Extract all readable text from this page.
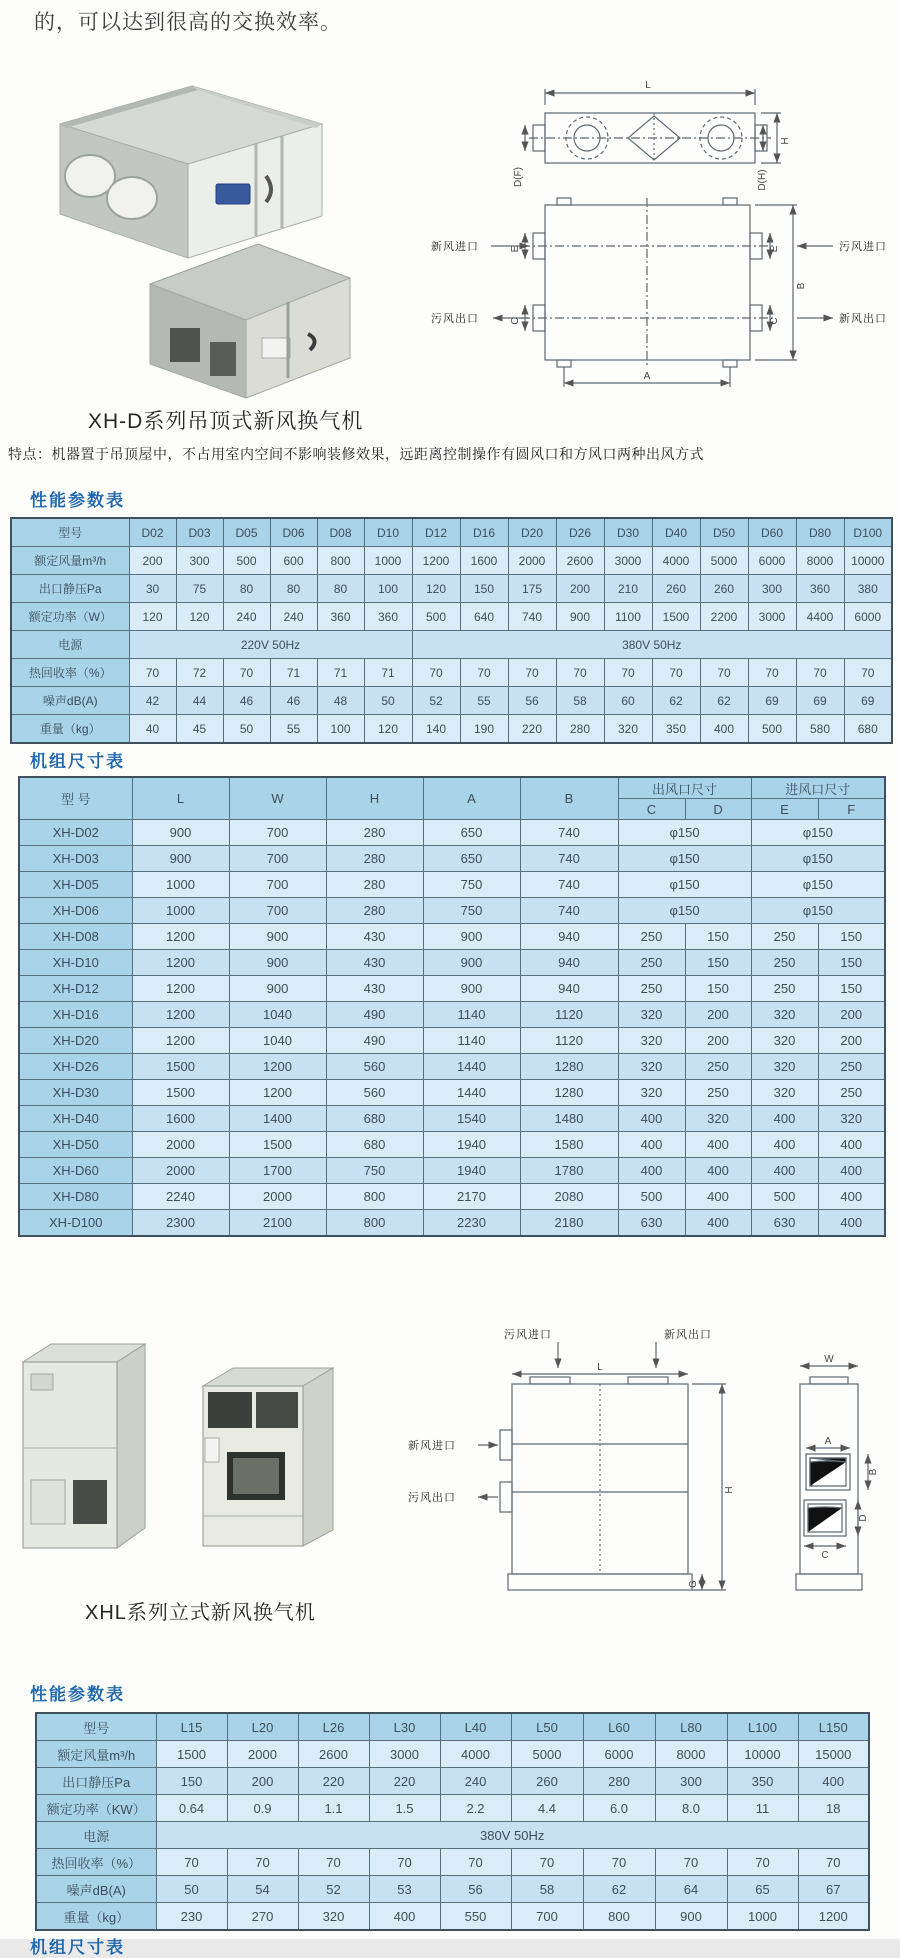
的，可以达到很高的交换效率。
L
H
D(F)	D(H)
E	E
C	C
B
A
新风进口	污风进口
污风出口	新风出口
XH-D系列吊顶式新风换气机
特点：机器置于吊顶屋中，不占用室内空间不影响装修效果，远距离控制操作有圆风口和方风口两种出风方式
性能参数表
型号	D02	D03	D05	D06	D08	D10	D12	D16	D20	D26	D30	D40	D50	D60	D80	D100
额定风量m³/h	200	300	500	600	800	1000	1200	1600	2000	2600	3000	4000	5000	6000	8000	10000
出口静压Pa	30	75	80	80	80	100	120	150	175	200	210	260	260	300	360	380
额定功率（W）	120	120	240	240	360	360	500	640	740	900	1100	1500	2200	3000	4400	6000
电源	220V 50Hz						380V 50Hz									
热回收率（%）	70	72	70	71	71	71	70	70	70	70	70	70	70	70	70	70
噪声dB(A)	42	44	46	46	48	50	52	55	56	58	60	62	62	69	69	69
重量（kg）	40	45	50	55	100	120	140	190	220	280	320	350	400	500	580	680
机组尺寸表
型 号	L	W	H	A	B	出风口尺寸		进风口尺寸	
						C	D	E	F
XH-D02	900	700	280	650	740	φ150		φ150	
XH-D03	900	700	280	650	740	φ150		φ150	
XH-D05	1000	700	280	750	740	φ150		φ150	
XH-D06	1000	700	280	750	740	φ150		φ150	
XH-D08	1200	900	430	900	940	250	150	250	150
XH-D10	1200	900	430	900	940	250	150	250	150
XH-D12	1200	900	430	900	940	250	150	250	150
XH-D16	1200	1040	490	1140	1120	320	200	320	200
XH-D20	1200	1040	490	1140	1120	320	200	320	200
XH-D26	1500	1200	560	1440	1280	320	250	320	250
XH-D30	1500	1200	560	1440	1280	320	250	320	250
XH-D40	1600	1400	680	1540	1480	400	320	400	320
XH-D50	2000	1500	680	1940	1580	400	400	400	400
XH-D60	2000	1700	750	1940	1780	400	400	400	400
XH-D80	2240	2000	800	2170	2080	500	400	500	400
XH-D100	2300	2100	800	2230	2180	630	400	630	400
污风进口	新风出口
L
新风进口
污风出口
H
G
W
A
B
D
C
XHL系列立式新风换气机
性能参数表
型号	L15	L20	L26	L30	L40	L50	L60	L80	L100	L150
额定风量m³/h	1500	2000	2600	3000	4000	5000	6000	8000	10000	15000
出口静压Pa	150	200	220	220	240	260	280	300	350	400
额定功率（KW）	0.64	0.9	1.1	1.5	2.2	4.4	6.0	8.0	11	18
电源	380V 50Hz									
热回收率（%）	70	70	70	70	70	70	70	70	70	70
噪声dB(A)	50	54	52	53	56	58	62	64	65	67
重量（kg）	230	270	320	400	550	700	800	900	1000	1200
机组尺寸表
